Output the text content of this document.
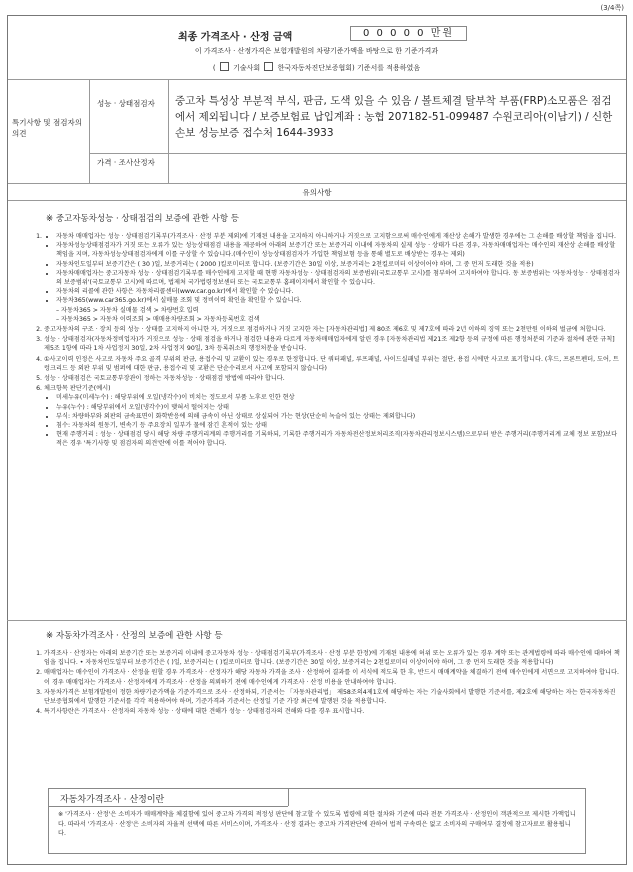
(3/4쪽)
최종 가격조사 · 산정 금액	0 0 0 0 0 만원
이 가격조사 · 산정가격은 보험개발원의 차량기준가액을 바탕으로 한 기준가격과
( 기술사회 한국자동차진단보증협회) 기준서를 적용하였음
특기사항 및 점검자의 의견
성능 · 상태점검자	중고차 특성상 부분적 부식, 판금, 도색 있을 수 있음 / 볼트체결 탈부착 부품(FRP)소모품은 점검에서 제외됩니다 / 보증보험료 납입계좌 : 농협 207182-51-099487 수원코리아(이남기) / 신한손보 성능보증 접수처 1644-3933
가격 · 조사산정자
유의사항
※ 중고자동차성능 · 상태점검의 보증에 관한 사항 등
• 1. 자동차 매매업자는 성능 · 상태점검기록부(가격조사 · 산정 부분 제외)에 기재된 내용을 고지하지 아니하거나 거짓으로 고지함으로써 매수인에게 재산상 손해가 발생한 경우에는 그 손해를 배상할 책임을 집니다.
• 자동차성능상태점검자가 거짓 또는 오류가 있는 성능상태점검 내용을 제공하여 아래의 보증기간 또는 보증거리 이내에 자동차의 실제 성능 · 상태가 다른 경우, 자동차매매업자는 매수인의 재산상 손해를 배상할 책임을 지며, 자동차성능상태점검자에게 이를 구상할 수 있습니다.(매수인이 성능상태점검자가 가입한 책임보험 등을 통해 별도로 배상받는 경우는 제외)
• 자동차인도일부터 보증기간은 ( 30 )일, 보증거리는 ( 2000 )킬로미터로 합니다. (보증기간은 30일 이상, 보증거리는 2천킬로미터 이상이어야 하며, 그 중 먼저 도래한 것을 적용)
• 자동차매매업자는 중고자동차 성능 · 상태점검기록부를 매수인에게 고지할 때 현행 자동차성능 · 상태점검자의 보증범위(국토교통부 고시)를 첨부하여 고지하여야 합니다. 동 보증범위는 '자동차성능 · 상태점검자의 보증범위'(국토교통부 고시)에 따르며, 법제처 국가법령정보센터 또는 국토교통부 홈페이지에서 확인할 수 있습니다.
• 자동차의 리콜에 관한 사항은 자동차리콜센터(www.car.go.kr)에서 확인할 수 있습니다.
• 자동차365(www.car365.go.kr)에서 실매물 조회 및 정비이력 확인을 확인할 수 있습니다.
– 자동차365 > 자동차 실매물 검색 > 차량번호 입력
– 자동차365 > 자동차 이력조회 > 매매용차량조회 > 자동차등록번호 검색
2. 중고자동차의 구조 · 장치 등의 성능 · 상태를 고지하지 아니한 자, 거짓으로 점검하거나 거짓 고지한 자는 [자동차관리법] 제 80조 제6호 및 제7호에 따라 2년 이하의 징역 또는 2천만원 이하의 벌금에 처합니다.
3. 성능 · 상태점검자(자동차정비업자)가 거짓으로 성능 · 상태 점검을 하거나 점검한 내용과 다르게 자동차매매업자에게 알린 경우 [자동차관리법 제21조 제2항 등의 규정에 따른 행정처분의 기준과 절차에 관한 규칙] 제5조 1항에 따라 1차 사업정지 30일, 2차 사업정지 90일, 3차 등록취소의 행정처분을 받습니다.
4. ①사고이력 인정은 사고로 자동차 주요 골격 부위의 판금, 용접수리 및 교환이 있는 경우로 한정합니다. 단 쿼터패널, 루프패널, 사이드실패널 부위는 절단, 용접 시에만 사고로 표기합니다. (후드, 프론트펜더, 도어, 트렁크리드 등 외판 부위 및 범퍼에 대한 판금, 용접수리 및 교환은 단순수리로서 사고에 포함되지 않습니다)
5. 성능 · 상태점검은 국토교통부장관이 정하는 자동차성능 · 상태점검 방법에 따라야 합니다.
6. 체크항목 판단기준(예시)
• 미세누유(미세누수) : 해당부위에 오일(냉각수)이 비치는 정도로서 부품 노후로 인한 현상
• 누유(누수) : 해당부위에서 오일(냉각수)이 맺혀서 떨어지는 상태
• 부식: 차량하부와 외판의 금속표면이 화학반응에 의해 금속이 아닌 상태로 상실되어 가는 현상(단순히 녹슬어 있는 상태는 제외합니다)
• 침수: 자동차의 원동기, 변속기 등 주요장치 일부가 물에 잠긴 흔적이 있는 상태
• 현재 주행거리 : 성능 · 상태점검 당시 해당 차량 주행거리계의 주행거리를 기록하되, 기록한 주행거리가 자동차전산정보처리조직(자동차관리정보시스템)으로부터 받은 주행거리(주행거리계 교체 정보 포함)보다 적은 경우 '특기사항 및 점검자의 의견'란에 이를 적어야 합니다.
※ 자동차가격조사 · 산정의 보증에 관한 사항 등
1. 가격조사 · 산정자는 아래의 보증기간 또는 보증거리 이내에 중고자동차 성능 · 상태점검기록부(가격조사 · 산정 부분 한정)에 기재된 내용에 허위 또는 오류가 있는 경우 계약 또는 관계법령에 따라 매수인에 대하여 책임을 집니다. • 자동차인도일부터 보증기간은 ( )일, 보증거리는 ( )킬로미터로 합니다. (보증기간은 30일 이상, 보증거리는 2천킬로미터 이상이어야 하며, 그 중 먼저 도래한 것을 적용합니다)
2. 매매업자는 매수인이 가격조사 · 산정을 원할 경우 가격조사 · 산정자가 해당 자동차 가격을 조사 · 산정하여 결과를 이 서식에 적도록 한 후, 반드시 매매계약을 체결하기 전에 매수인에게 서면으로 고지하여야 합니다. 이 경우 매매업자는 가격조사 · 산정자에게 가격조사 · 산정을 의뢰하기 전에 매수인에게 가격조사 · 산정 비용을 안내하여야 합니다.
3. 자동차가격은 보험개발원이 정한 차량기준가액을 기준가격으로 조사 · 산정하되, 기준서는 「자동차관리법」 제58조의4제1호에 해당하는 자는 기술사회에서 발행한 기준서를, 제2호에 해당하는 자는 한국자동차진단보증협회에서 발행한 기준서를 각각 적용하여야 하며, 기준가격과 기준서는 산정일 기준 가장 최근에 발행된 것을 적용합니다.
4. 특기사항란은 가격조사 · 산정자의 자동차 성능 · 상태에 대한 견해가 성능 · 상태점검자의 견해와 다를 경우 표시합니다.
자동차가격조사 · 산정이란
※ '가격조사 · 산정'은 소비자가 매매계약을 체결함에 있어 중고차 가격의 적정성 판단에 참고할 수 있도록 법령에 의한 절차와 기준에 따라 전문 가격조사 · 산정인이 객관적으로 제시한 가액입니다. 따라서 '가격조사 · 산정'은 소비자의 자율적 선택에 따른 서비스이며, 가격조사 · 산정 결과는 중고차 가격판단에 관하여 법적 구속력은 없고 소비자의 구매여부 결정에 참고자료로 활용됩니다.
